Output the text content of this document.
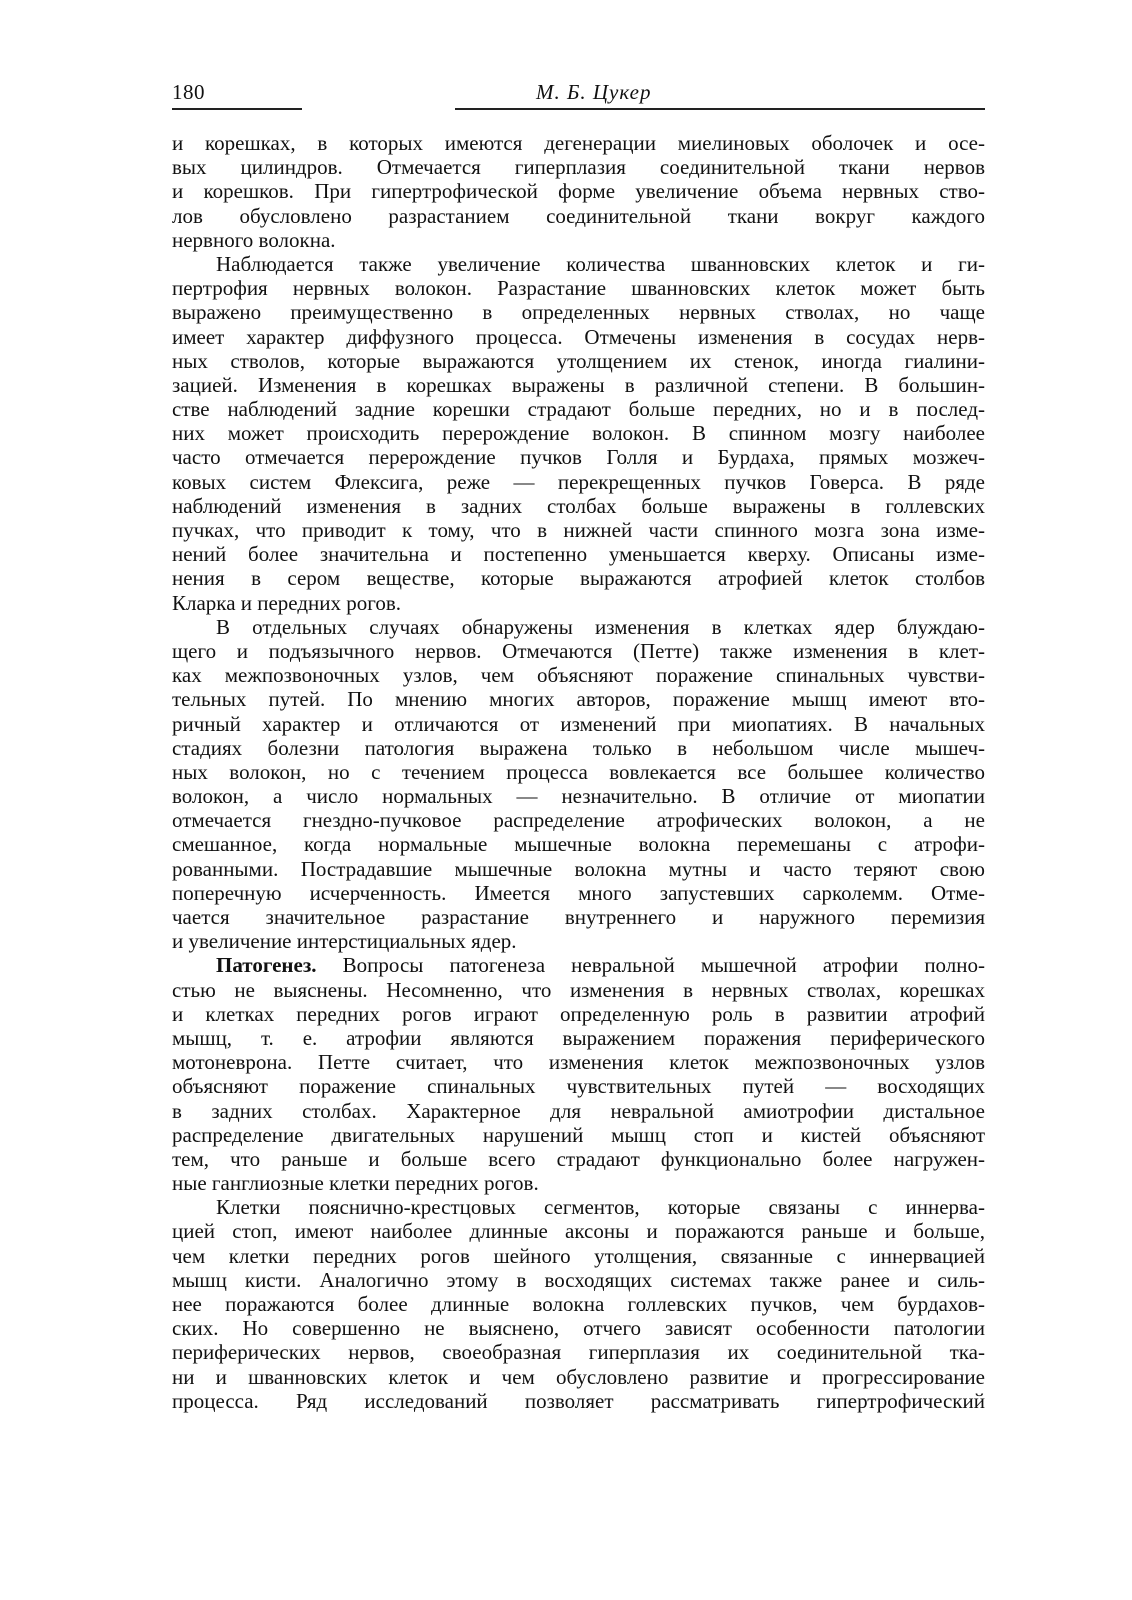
180	М. Б. Цукер
и корешках, в которых имеются дегенерации миелиновых оболочек и осе-
вых цилиндров. Отмечается гиперплазия соединительной ткани нервов
и корешков. При гипертрофической форме увеличение объема нервных ство-
лов обусловлено разрастанием соединительной ткани вокруг каждого
нервного волокна.
Наблюдается также увеличение количества шванновских клеток и ги-
пертрофия нервных волокон. Разрастание шванновских клеток может быть
выражено преимущественно в определенных нервных стволах, но чаще
имеет характер диффузного процесса. Отмечены изменения в сосудах нерв-
ных стволов, которые выражаются утолщением их стенок, иногда гиалини-
зацией. Изменения в корешках выражены в различной степени. В большин-
стве наблюдений задние корешки страдают больше передних, но и в послед-
них может происходить перерождение волокон. В спинном мозгу наиболее
часто отмечается перерождение пучков Голля и Бурдаха, прямых мозжеч-
ковых систем Флексига, реже — перекрещенных пучков Говерса. В ряде
наблюдений изменения в задних столбах больше выражены в голлевских
пучках, что приводит к тому, что в нижней части спинного мозга зона изме-
нений более значительна и постепенно уменьшается кверху. Описаны изме-
нения в сером веществе, которые выражаются атрофией клеток столбов
Кларка и передних рогов.
В отдельных случаях обнаружены изменения в клетках ядер блуждаю-
щего и подъязычного нервов. Отмечаются (Петте) также изменения в клет-
ках межпозвоночных узлов, чем объясняют поражение спинальных чувстви-
тельных путей. По мнению многих авторов, поражение мышц имеют вто-
ричный характер и отличаются от изменений при миопатиях. В начальных
стадиях болезни патология выражена только в небольшом числе мышеч-
ных волокон, но с течением процесса вовлекается все большее количество
волокон, а число нормальных — незначительно. В отличие от миопатии
отмечается гнездно-пучковое распределение атрофических волокон, а не
смешанное, когда нормальные мышечные волокна перемешаны с атрофи-
рованными. Пострадавшие мышечные волокна мутны и часто теряют свою
поперечную исчерченность. Имеется много запустевших сарколемм. Отме-
чается значительное разрастание внутреннего и наружного перемизия
и увеличение интерстициальных ядер.
Патогенез. Вопросы патогенеза невральной мышечной атрофии полно-
стью не выяснены. Несомненно, что изменения в нервных стволах, корешках
и клетках передних рогов играют определенную роль в развитии атрофий
мышц, т. е. атрофии являются выражением поражения периферического
мотоневрона. Петте считает, что изменения клеток межпозвоночных узлов
объясняют поражение спинальных чувствительных путей — восходящих
в задних столбах. Характерное для невральной амиотрофии дистальное
распределение двигательных нарушений мышц стоп и кистей объясняют
тем, что раньше и больше всего страдают функционально более нагружен-
ные ганглиозные клетки передних рогов.
Клетки пояснично-крестцовых сегментов, которые связаны с иннерва-
цией стоп, имеют наиболее длинные аксоны и поражаются раньше и больше,
чем клетки передних рогов шейного утолщения, связанные с иннервацией
мышц кисти. Аналогично этому в восходящих системах также ранее и силь-
нее поражаются более длинные волокна голлевских пучков, чем бурдахов-
ских. Но совершенно не выяснено, отчего зависят особенности патологии
периферических нервов, своеобразная гиперплазия их соединительной тка-
ни и шванновских клеток и чем обусловлено развитие и прогрессирование
процесса. Ряд исследований позволяет рассматривать гипертрофический
